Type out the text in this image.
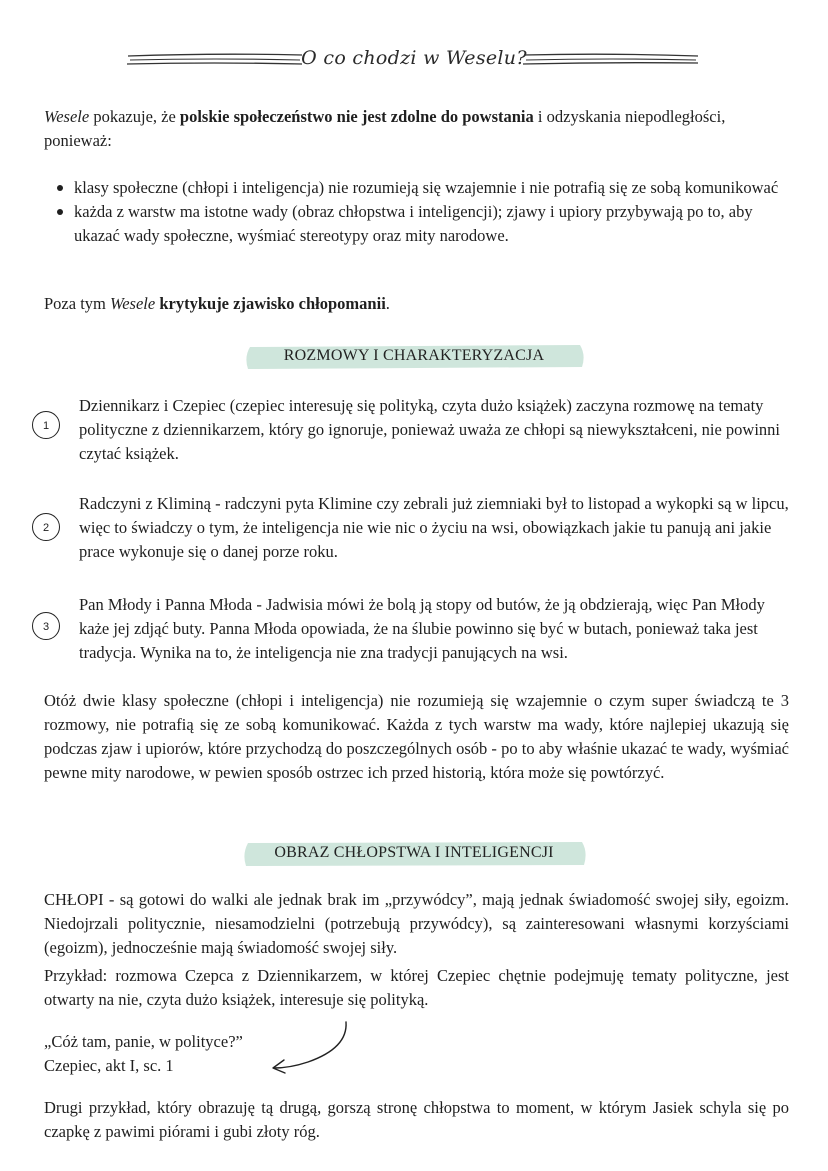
O co chodzi w Weselu?

Wesele pokazuje, że polskie społeczeństwo nie jest zdolne do powstania i odzyskania niepodległości, ponieważ:

klasy społeczne (chłopi i inteligencja) nie rozumieją się wzajemnie i nie potrafią się ze sobą komunikować
każda z warstw ma istotne wady (obraz chłopstwa i inteligencji); zjawy i upiory przybywają po to, aby ukazać wady społeczne, wyśmiać stereotypy oraz mity narodowe.

Poza tym Wesele krytykuje zjawisko chłopomanii.

ROZMOWY I CHARAKTERYZACJA
1

Dziennikarz i Czepiec (czepiec interesuję się polityką, czyta dużo książek) zaczyna rozmowę na tematy polityczne z dziennikarzem, który go ignoruje, ponieważ uważa ze chłopi są niewykształceni, nie powinni czytać książek.

2

Radczyni z Kliminą - radczyni pyta Klimine czy zebrali już ziemniaki był to listopad a wykopki są w lipcu, więc to świadczy o tym, że inteligencja nie wie nic o życiu na wsi, obowiązkach jakie tu panują ani jakie prace wykonuje się o danej porze roku.

3

Pan Młody i Panna Młoda - Jadwisia mówi że bolą ją stopy od butów, że ją obdzierają, więc Pan Młody każe jej zdjąć buty. Panna Młoda opowiada, że na ślubie powinno się być w butach, ponieważ taka jest tradycja. Wynika na to, że inteligencja nie zna tradycji panujących na wsi.

Otóż dwie klasy społeczne (chłopi i inteligencja) nie rozumieją się wzajemnie o czym super świadczą te 3 rozmowy, nie potrafią się ze sobą komunikować. Każda z tych warstw ma wady, które najlepiej ukazują się podczas zjaw i upiorów, które przychodzą do poszczególnych osób - po to aby właśnie ukazać te wady, wyśmiać pewne mity narodowe, w pewien sposób ostrzec ich przed historią, która może się powtórzyć.

OBRAZ CHŁOPSTWA I INTELIGENCJI

CHŁOPI - są gotowi do walki ale jednak brak im „przywódcy”, mają jednak świadomość swojej siły, egoizm. Niedojrzali politycznie, niesamodzielni (potrzebują przywódcy), są zainteresowani własnymi korzyściami (egoizm), jednocześnie mają świadomość swojej siły.

Przykład: rozmowa Czepca z Dziennikarzem, w której Czepiec chętnie podejmuję tematy polityczne, jest otwarty na nie, czyta dużo książek, interesuje się polityką.

„Cóż tam, panie, w polityce?”
Czepiec, akt I, sc. 1

Drugi przykład, który obrazuję tą drugą, gorszą stronę chłopstwa to moment, w którym Jasiek schyla się po czapkę z pawimi piórami i gubi złoty róg.
